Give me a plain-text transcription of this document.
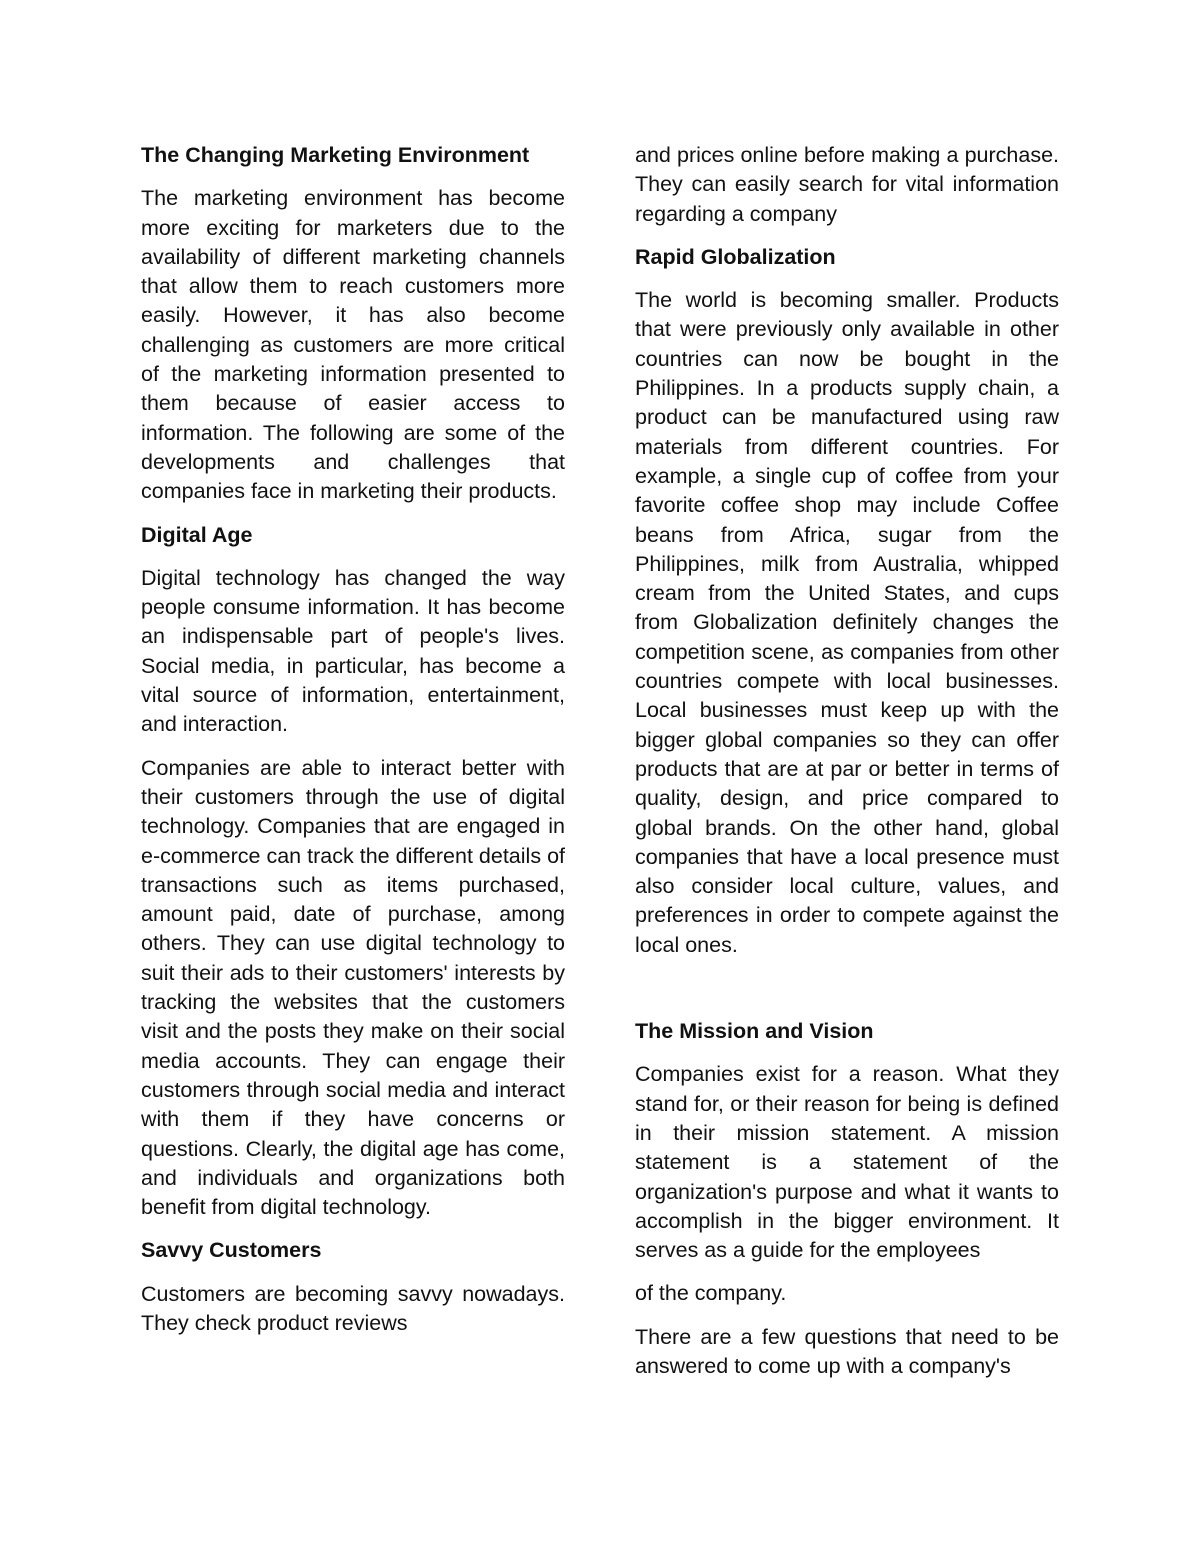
The Changing Marketing Environment
The marketing environment has become more exciting for marketers due to the availability of different marketing channels that allow them to reach customers more easily. However, it has also become challenging as customers are more critical of the marketing information presented to them because of easier access to information. The following are some of the developments and challenges that companies face in marketing their products.
Digital Age
Digital technology has changed the way people consume information. It has become an indispensable part of people's lives. Social media, in particular, has become a vital source of information, entertainment, and interaction.
Companies are able to interact better with their customers through the use of digital technology. Companies that are engaged in e-commerce can track the different details of transactions such as items purchased, amount paid, date of purchase, among others. They can use digital technology to suit their ads to their customers' interests by tracking the websites that the customers visit and the posts they make on their social media accounts. They can engage their customers through social media and interact with them if they have concerns or questions. Clearly, the digital age has come, and individuals and organizations both benefit from digital technology.
Savvy Customers
Customers are becoming savvy nowadays. They check product reviews
and prices online before making a purchase. They can easily search for vital information regarding a company
Rapid Globalization
The world is becoming smaller. Products that were previously only available in other countries can now be bought in the Philippines. In a products supply chain, a product can be manufactured using raw materials from different countries. For example, a single cup of coffee from your favorite coffee shop may include Coffee beans from Africa, sugar from the Philippines, milk from Australia, whipped cream from the United States, and cups from Globalization definitely changes the competition scene, as companies from other countries compete with local businesses. Local businesses must keep up with the bigger global companies so they can offer products that are at par or better in terms of quality, design, and price compared to global brands. On the other hand, global companies that have a local presence must also consider local culture, values, and preferences in order to compete against the local ones.
The Mission and Vision
Companies exist for a reason. What they stand for, or their reason for being is defined in their mission statement. A mission statement is a statement of the organization's purpose and what it wants to accomplish in the bigger environment. It serves as a guide for the employees
of the company.
There are a few questions that need to be answered to come up with a company's
